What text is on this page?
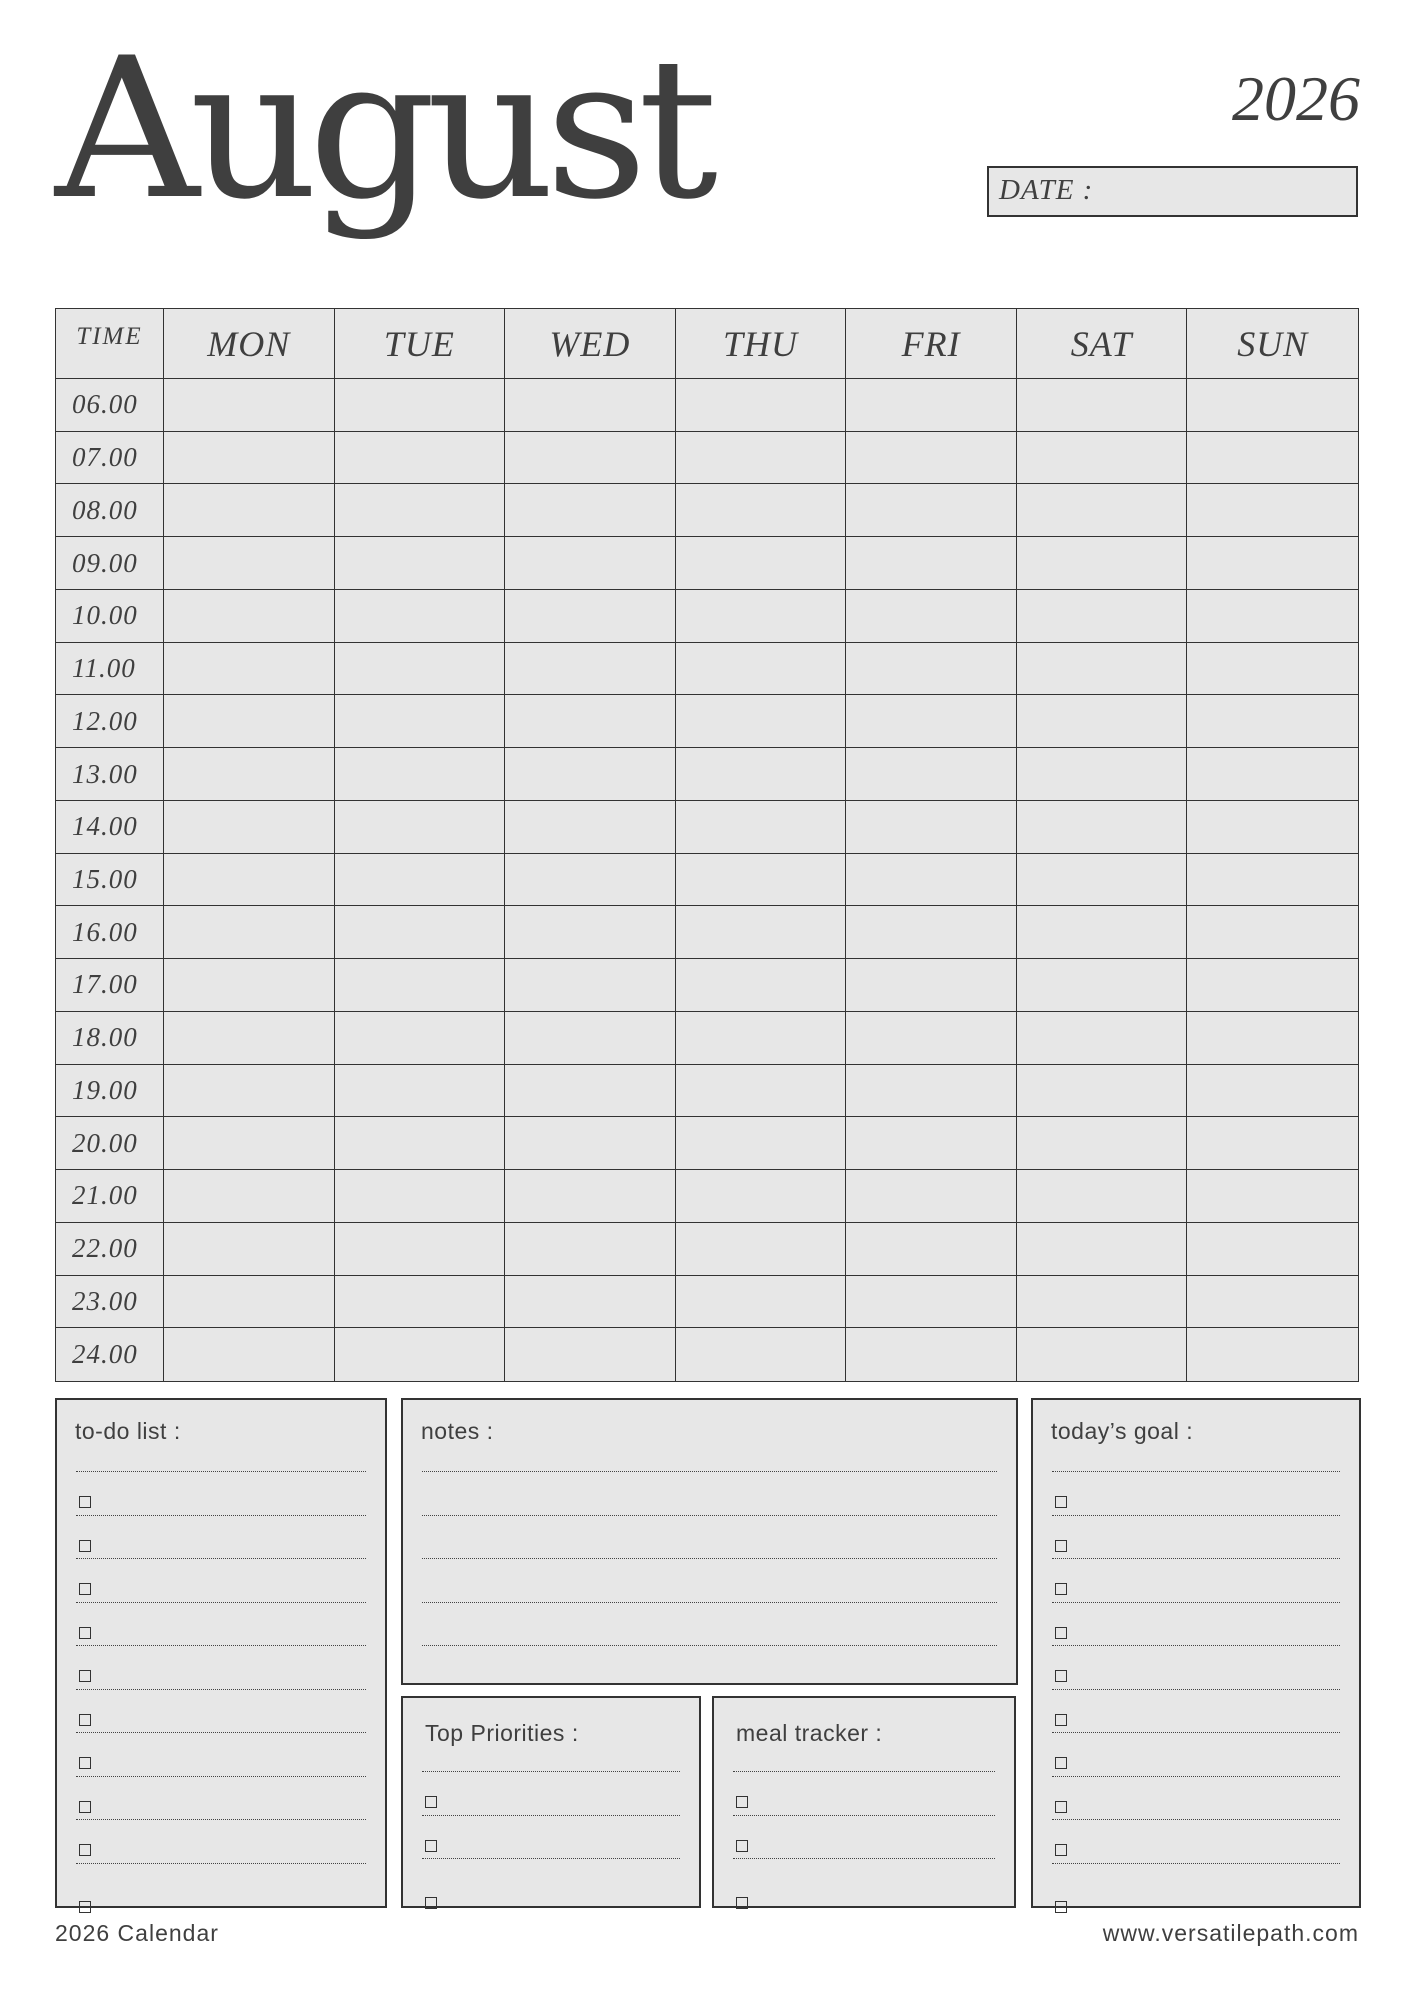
August	2026
DATE :
TIME	MON	TUE	WED	THU	FRI	SAT	SUN
06.00
07.00
08.00
09.00
10.00
11.00
12.00
13.00
14.00
15.00
16.00
17.00
18.00
19.00
20.00
21.00
22.00
23.00
24.00
to-do list :	notes :	today’s goal :
Top Priorities :	meal tracker :
2026 Calendar	www.versatilepath.com
